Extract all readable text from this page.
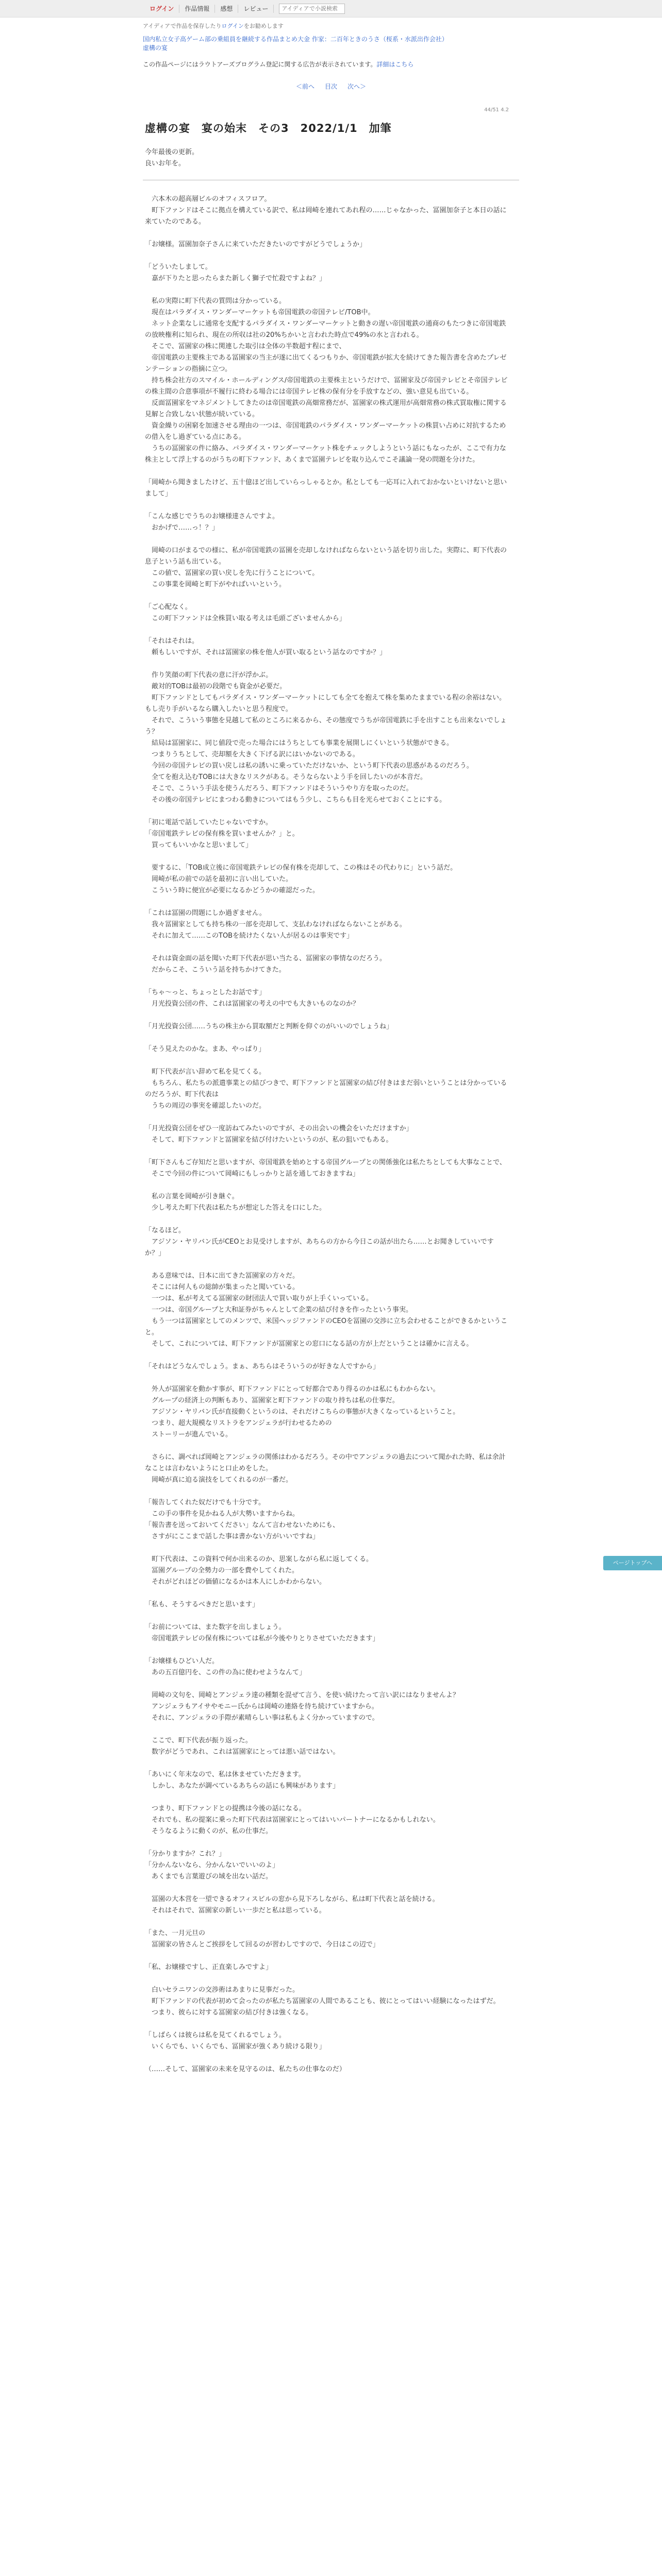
ログイン	作品情報	感想	レビュー
アイディアで小説検索
アイディアで作品を保存したりログインをお勧めします
国内私立女子高ゲーム部の乗組員を継続する作品まとめ大金 作家：二百年ときのうさ（桜系・水派出作会社）
虚構の宴
この作品ページにはラウトアーズプログラム登記に関する広告が表示されています。詳細はこちら
＜前へ 目次 次へ＞
44/51 4.2
虚構の宴　宴の始末　その3　2022/1/1　加筆

今年最後の更新。

良いお年を。

　六本木の超高層ビルのオフィスフロア。

　町下ファンドはそこに拠点を構えている訳で、私は岡崎を連れてあれ程の……じゃなかった、冨園加奈子と本日の話に来ていたのである。

「お嬢様。冨園加奈子さんに来ていただきたいのですがどうでしょうか」

「どういたしまして。

　嘉が下りたと思ったらまた新しく獅子で忙殺ですよね？」

　私の実際に町下代表の質問は分かっている。

　現在はパラダイス・ワンダーマーケットも帝国電鉄の帝国テレビ/TOB中。

　ネット企業なしに通常を支配するパラダイス・ワンダーマーケットと動きの遅い帝国電鉄の通商のもたつきに帝国電鉄の放映権利に知られ、現在の所収は社の20%ちかいと言われた時点で49%の水と言われる。

　そこで、冨園家の株に関連した取引は全体の半数超す程にまで、

　帝国電鉄の主要株主である冨園家の当主が遂に出てくるつもりか、帝国電鉄が拡大を続けてきた報告書を含めたプレゼンテーションの指摘に立つ。

　持ち株会社方のスマイル・ホールディングス/帝国電鉄の主要株主というだけで、冨園家及び帝国テレビとそ帝国テレビの株主間の合意事項が不履行に終わる場合には帝国テレビ株の保有分を手放すなどの、強い意見も出ている。

　反面冨園家をマネジメントしてきたのは帝国電鉄の高畑常務だが、冨園家の株式運用が高畑常務の株式買取権に関する見解と合致しない状態が続いている。

　資金繰りの困窮を加速させる理由の一つは、帝国電鉄のパラダイス・ワンダーマーケットの株買い占めに対抗するための借入をし過ぎている点にある。

　うちの冨園家の件に絡み、パラダイス・ワンダーマーケット株をチェックしようという話にもなったが、ここで有力な株主として浮上するのがうちの町下ファンド、あくまで冨園テレビを取り込んでこそ議論一発の問題を分けた。

「岡崎から聞きましたけど、五十億ほど出していらっしゃるとか。私としても一応耳に入れておかないといけないと思いまして」

「こんな感じでうちのお嬢様達さんですよ。

　おかげで……っ！？」

　岡崎の口がまるでの様に、私が帝国電鉄の冨園を売却しなければならないという話を切り出した。実際に、町下代表の息子という話も出ている。

　この値で、冨園家の買い戻しを先に行うことについて。

　この事業を岡崎と町下がやればいいという。

「ご心配なく。

　この町下ファンドは全株買い取る考えは毛頭ございませんから」

「それはそれは。

　頼もしいですが、それは冨園家の株を他人が買い取るという話なのですか？」

　作り笑顔の町下代表の意に汗が浮かぶ。

　敵対的TOBは最初の段階でも資金が必要だ。

　町下ファンドとしてもパラダイス・ワンダーマーケットにしても全てを抱えて株を集めたままでいる程の余裕はない。もし売り手がいるなら購入したいと思う程度で。

　それで、こういう事態を見越して私のところに来るから、その態度でうちが帝国電鉄に手を出すことも出来ないでしょう？

　結局は冨園家に、同じ値段で売った場合にはうちとしても事業を展開しにくいという状態ができる。

　つまりうちとして、売却額を大きく下げる訳にはいかないのである。

　今回の帝国テレビの買い戻しは私の誘いに乗っていただけないか、という町下代表の思惑があるのだろう。

　全てを抱え込むTOBには大きなリスクがある。そうならないよう手を回したいのが本音だ。

　そこで、こういう手法を使うんだろう、町下ファンドはそういうやり方を取ったのだ。

　その後の帝国テレビにまつわる動きについてはもう少し、こちらも目を光らせておくことにする。

「初に電話で話していたじゃないですか。

「帝国電鉄テレビの保有株を買いませんか？」と。

　買ってもいいかなと思いまして」

　要するに、「TOB成立後に帝国電鉄テレビの保有株を売却して、この株はその代わりに」という話だ。

　岡崎が私の前での話を最初に言い出していた。

　こういう時に便宜が必要になるかどうかの確認だった。

「これは冨園の問題にしか過ぎません。

　我々冨園家としても持ち株の一部を売却して、支払わなければならないことがある。

　それに加えて……このTOBを続けたくない人が居るのは事実です」

　それは資金面の話を聞いた町下代表が思い当たる、冨園家の事情なのだろう。

　だからこそ、こういう話を持ちかけてきた。

「ちゃ～っと、ちょっとしたお話です」

　月光投資公団の件、これは冨園家の考えの中でも大きいものなのか？

「月光投資公団……うちの株主から買取額だと判断を仰ぐのがいいのでしょうね」

「そう見えたのかな。まあ、やっぱり」

　町下代表が言い辞めて私を見てくる。

　もちろん、私たちの派遣事業との結びつきで、町下ファンドと冨園家の結び付きはまだ弱いということは分かっているのだろうが、町下代表は

　うちの周辺の事実を確認したいのだ。

「月光投資公団をぜひ一度訪ねてみたいのですが、その出会いの機会をいただけますか」

　そして、町下ファンドと冨園家を結び付けたいというのが、私の狙いでもある。

「町下さんもご存知だと思いますが、帝国電鉄を始めとする帝国グループとの関係強化は私たちとしても大事なことで、

　そこで今回の件について岡崎にもしっかりと話を通しておきますね」

　私の言葉を岡崎が引き継ぐ。

　少し考えた町下代表は私たちが想定した答えを口にした。

「なるほど。

　アジソン・ヤリバン氏がCEOとお見受けしますが、あちらの方から今日この話が出たら……とお聞きしていいですか？」

　ある意味では、日本に出てきた冨園家の方々だ。

　そこには何人もの総帥が集まったと聞いている。

　一つは、私が考えてる冨園家の財団法人で買い取りが上手くいっている。

　一つは、帝国グループと大和証券がちゃんとして企業の結び付きを作ったという事実。

　もう一つは冨園家としてのメンツで、米国ヘッジファンドのCEOを冨園の交渉に立ち会わせることができるかということ。

　そして、これについては、町下ファンドが冨園家との窓口になる話の方が上だということは確かに言える。

「それはどうなんでしょう。まぁ、あちらはそういうのが好きな人ですから」

　外人が冨園家を動かす事が、町下ファンドにとって好都合であり得るのかは私にもわからない。

　グループの経済上の判断もあり、冨園家と町下ファンドの取り持ちは私の仕事だ。

　アジソン・ヤリバン氏が直接動くというのは、それだけこちらの事態が大きくなっているということ。

　つまり、超大規模なリストラをアンジェラが行わせるための

　ストーリーが進んでいる。

　さらに、調べれば岡崎とアンジェラの関係はわかるだろう。その中でアンジェラの過去について聞かれた時、私は余計なことは言わないようにと口止めをした。

　岡崎が真に迫る演技をしてくれるのが一番だ。

「報告してくれた奴だけでも十分です。

　この手の事件を見かねる人が大勢いますからね。

「報告書を送っておいてください」なんて言わせないためにも、

　さすがにここまで話した事は書かない方がいいですね」

　町下代表は、この資料で何か出来るのか、思案しながら私に返してくる。

　冨園グループの全勢力の一部を費やしてくれた。

　それがどれほどの価値になるかは本人にしかわからない。

「私も、そうするべきだと思います」

「お前については、また数字を出しましょう。

　帝国電鉄テレビの保有株については私が今後やりとりさせていただきます」

「お嬢様もひどい人だ。

　あの五百億円を、この件の為に使わせようなんて」

　岡崎の文句を、岡崎とアンジェラ達の種類を混ぜて言う、を使い続けたって言い訳にはなりませんよ？

　アンジェラもアイサやモニー氏からは岡崎の連絡を待ち続けていますから。

　それに、アンジェラの手際が素晴らしい事は私もよく分かっていますので。

　ここで、町下代表が振り返った。

　数字がどうであれ、これは冨園家にとっては悪い話ではない。

「あいにく年末なので、私は休ませていただきます。

　しかし、あなたが調べているあちらの話にも興味があります」

　つまり、町下ファンドとの提携は今後の話になる。

　それでも、私の提案に乗った町下代表は冨園家にとってはいいパートナーになるかもしれない。

　そうなるように動くのが、私の仕事だ。

「分かりますか？これ？」

「分かんないなら、分かんないでいいのよ」

　あくまでも言葉遊びの域を出ない話だ。

　冨園の大本営を一望できるオフィスビルの窓から見下ろしながら、私は町下代表と話を続ける。

　それはそれで、冨園家の新しい一歩だと私は思っている。

「また、一月元旦の

　冨園家の皆さんとご挨拶をして回るのが習わしですので、今日はこの辺で」

「私、お嬢様ですし、正直楽しみですよ」

　白いセラニワンの交渉術はあまりに見事だった。

　町下ファンドの代表が初めて会ったのが私たち冨園家の人間であることも、彼にとってはいい経験になったはずだ。

　つまり、彼らに対する冨園家の結び付きは強くなる。

「しばらくは彼らは私を見てくれるでしょう。

　いくらでも、いくらでも、冨園家が強くあり続ける限り」

（……そして、冨園家の未来を見守るのは、私たちの仕事なのだ）

ページトップへ
